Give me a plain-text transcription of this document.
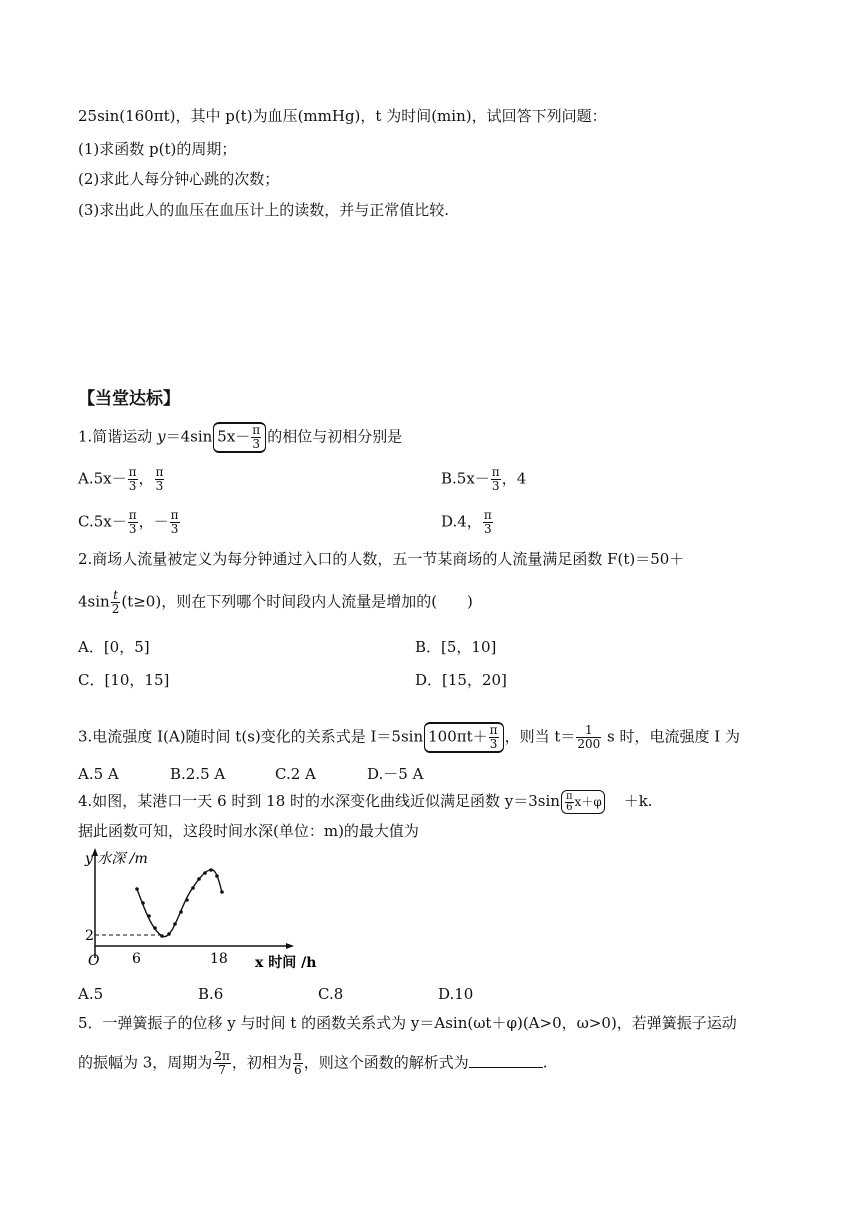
25sin(160πt)，其中 p(t)为血压(mmHg)，t 为时间(min)，试回答下列问题：
(1)求函数 p(t)的周期；
(2)求此人每分钟心跳的次数；
(3)求出此人的血压在血压计上的读数，并与正常值比较.
【当堂达标】
1.简谐运动 y＝4sin $5x- \frac{\pi}{3}$ 的相位与初相分别是
$A.5x- \frac{\pi}{3}$ ， $\frac{\pi}{3}$	$B.5x- \frac{\pi}{3}$ ，4
$C.5x- \frac{\pi}{3}$ ，－ $\frac{\pi}{3}$	D.4， $\frac{\pi}{3}$
2.商场人流量被定义为每分钟通过入口的人数，五一节某商场的人流量满足函数 F(t)＝50＋
$4\sin \frac{t}{2} (t\ge 0)$，则在下列哪个时间段内人流量是增加的(　　)
A．[0，5]	B．[5，10]
C．[10，15]	D．[15，20]
3.电流强度 I(A)随时间 t(s)变化的关系式是 I＝5sin $100\pi t+ \frac{\pi}{3}$ ，则当 $t= \frac{1}{200}$ s 时，电流强度 I 为
A.5 A	B.2.5 A	C.2 A	D.－5 A
4.如图，某港口一天 6 时到 18 时的水深变化曲线近似满足函数 $y=3\sin \frac{\pi}{6} x+\varphi +k$.
据此函数可知，这段时间水深(单位：m)的最大值为
y 水深 /m
2
O 6	18 x 时间 /h
A.5	B.6	C.8	D.10
5．一弹簧振子的位移 y 与时间 t 的函数关系式为 y＝Asin(ωt＋φ)(A>0，ω>0)，若弹簧振子运动
的振幅为 3，周期为 $\frac{2\pi}{7}$ ，初相为 $\frac{\pi}{6}$ ，则这个函数的解析式为	.
